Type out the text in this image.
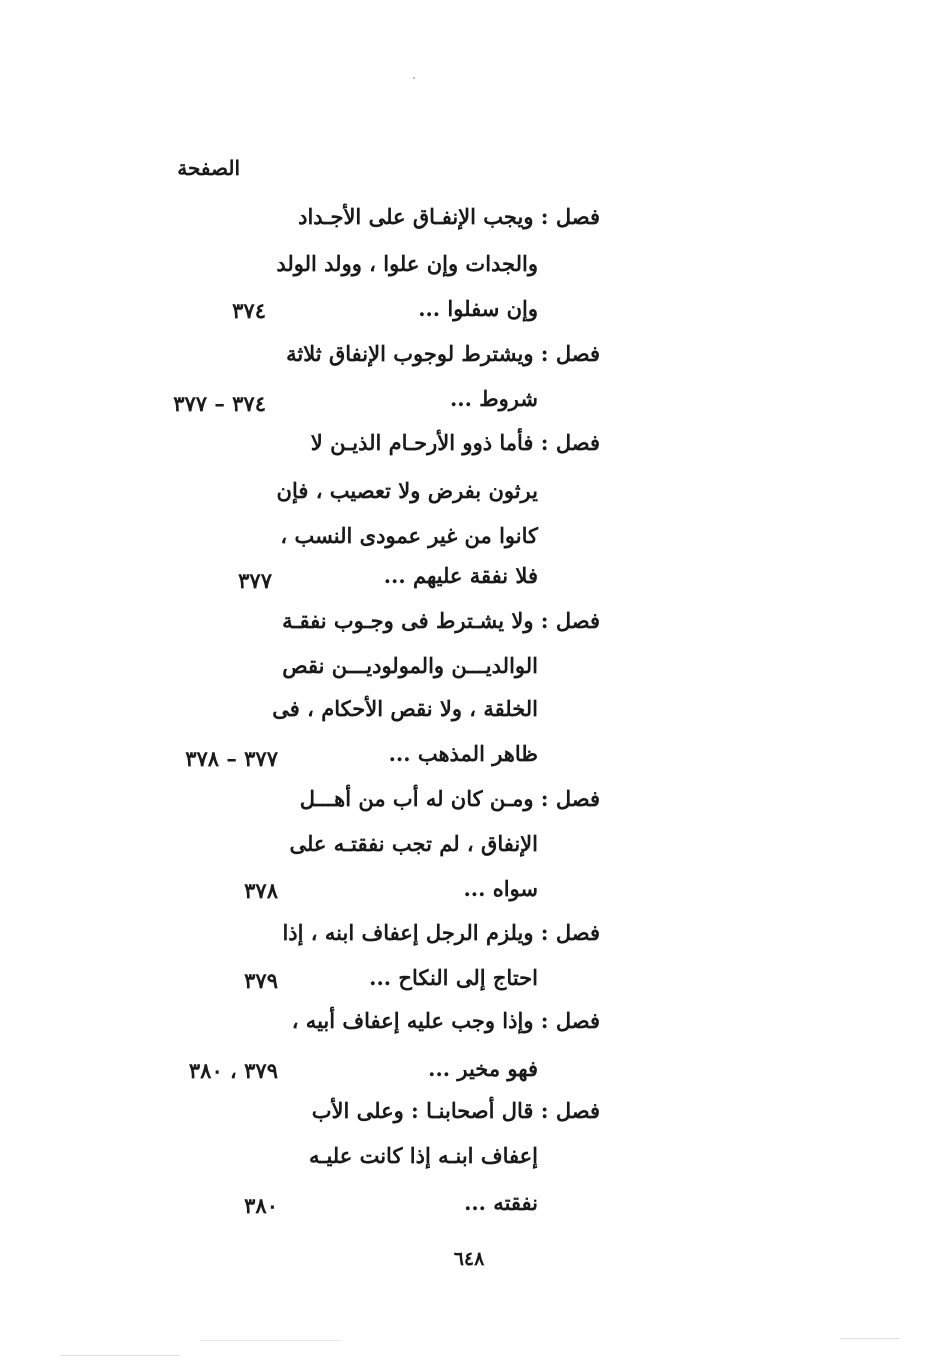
الصفحة
فصل : ويجب الإنفـاق على الأجـداد
والجدات وإن علوا ، وولد الولد
وإن سفلوا ...
٣٧٤
فصل : ويشترط لوجوب الإنفاق ثلاثة
شروط ...
٣٧٤ – ٣٧٧
فصل : فأما ذوو الأرحـام الذيـن لا
يرثون بفرض ولا تعصيب ، فإن
كانوا من غير عمودى النسب ،
فلا نفقة عليهم ...
٣٧٧
فصل : ولا يشـترط فى وجـوب نفقـة
الوالديـــن والمولوديـــن نقص
الخلقة ، ولا نقص الأحكام ، فى
ظاهر المذهب ...
٣٧٧ – ٣٧٨
فصل : ومـن كان له أب من أهـــل
الإنفاق ، لم تجب نفقتـه على
سواه ...
٣٧٨
فصل : ويلزم الرجل إعفاف ابنه ، إذا
احتاج إلى النكاح ...
٣٧٩
فصل : وإذا وجب عليه إعفاف أبيه ،
فهو مخير ...
٣٧٩ ، ٣٨٠
فصل : قال أصحابنـا : وعلى الأب
إعفاف ابنـه إذا كانت عليـه
نفقته ...
٣٨٠
٦٤٨
